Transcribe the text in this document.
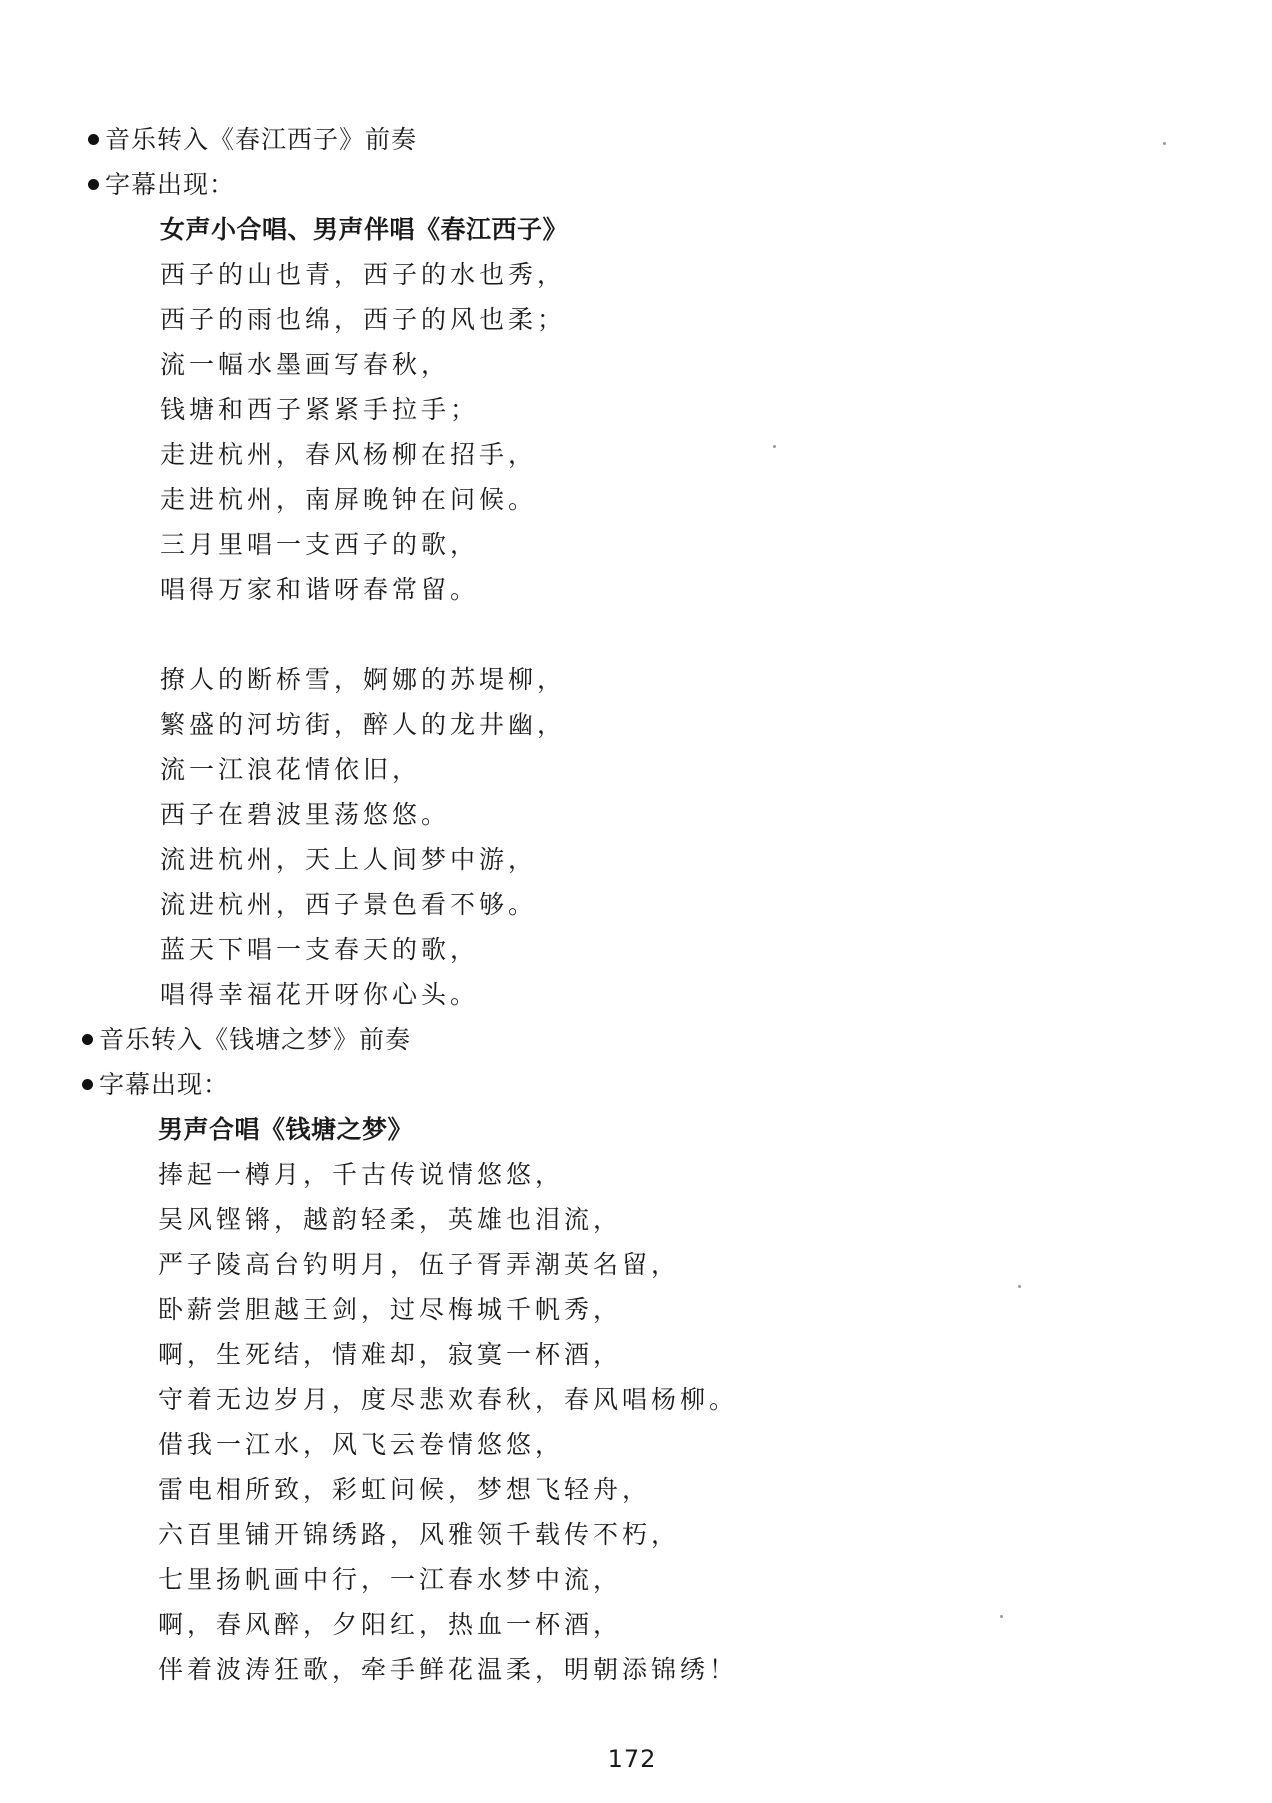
音乐转入《春江西子》前奏
字幕出现：
女声小合唱、男声伴唱《春江西子》
西子的山也青，西子的水也秀，
西子的雨也绵，西子的风也柔；
流一幅水墨画写春秋，
钱塘和西子紧紧手拉手；
走进杭州，春风杨柳在招手，
走进杭州，南屏晚钟在问候。
三月里唱一支西子的歌，
唱得万家和谐呀春常留。
撩人的断桥雪，婀娜的苏堤柳，
繁盛的河坊街，醉人的龙井幽，
流一江浪花情依旧，
西子在碧波里荡悠悠。
流进杭州，天上人间梦中游，
流进杭州，西子景色看不够。
蓝天下唱一支春天的歌，
唱得幸福花开呀你心头。
音乐转入《钱塘之梦》前奏
字幕出现：
男声合唱《钱塘之梦》
捧起一樽月，千古传说情悠悠，
吴风铿锵，越韵轻柔，英雄也泪流，
严子陵高台钓明月，伍子胥弄潮英名留，
卧薪尝胆越王剑，过尽梅城千帆秀，
啊，生死结，情难却，寂寞一杯酒，
守着无边岁月，度尽悲欢春秋，春风唱杨柳。
借我一江水，风飞云卷情悠悠，
雷电相所致，彩虹问候，梦想飞轻舟，
六百里铺开锦绣路，风雅领千载传不朽，
七里扬帆画中行，一江春水梦中流，
啊，春风醉，夕阳红，热血一杯酒，
伴着波涛狂歌，牵手鲜花温柔，明朝添锦绣！
172
